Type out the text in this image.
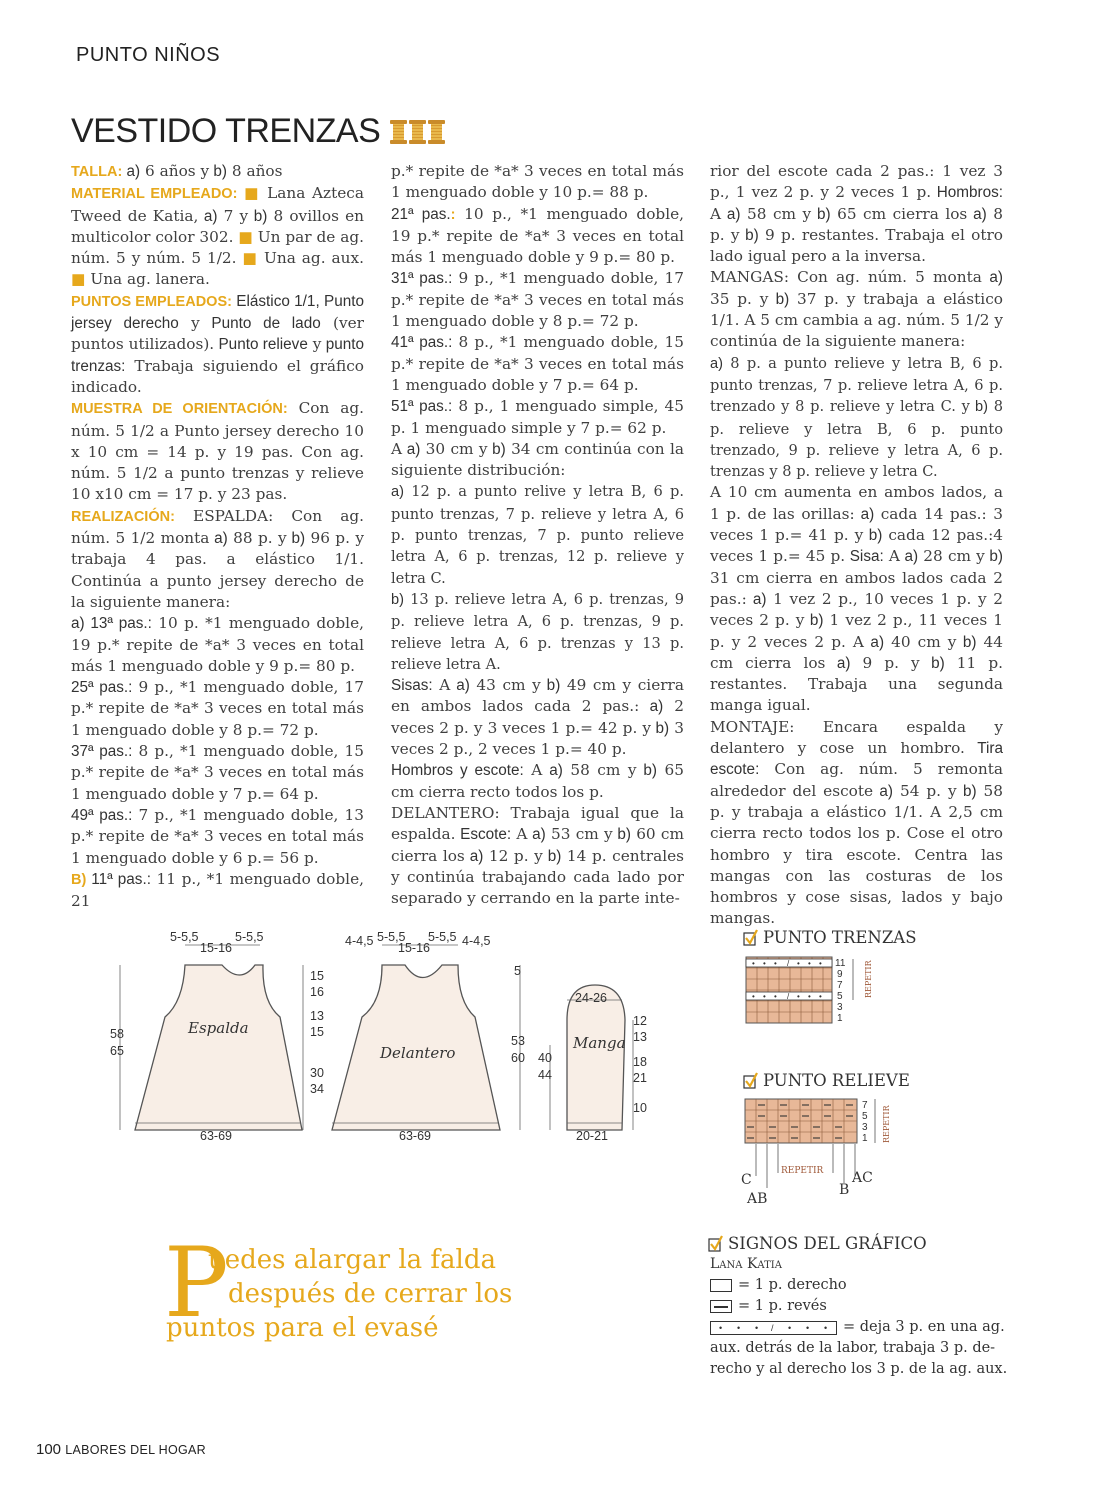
PUNTO NIÑOS
VESTIDO TRENZAS

TALLA: a) 6 años y b) 8 años

MATERIAL EMPLEADO: ■ Lana Azteca Tweed de Katia, a) 7 y b) 8 ovillos en multicolor color 302. ■ Un par de ag. núm. 5 y núm. 5 1/2. ■ Una ag. aux. ■ Una ag. lanera.

PUNTOS EMPLEADOS: Elástico 1/1, Punto jersey derecho y Punto de lado (ver puntos utilizados). Punto relieve y punto trenzas: Trabaja siguiendo el gráfico indicado.

MUESTRA DE ORIENTACIÓN: Con ag. núm. 5 1/2 a Punto jersey derecho 10 x 10 cm = 14 p. y 19 pas. Con ag. núm. 5 1/2 a punto trenzas y relieve 10 x10 cm = 17 p. y 23 pas.

REALIZACIÓN: ESPALDA: Con ag. núm. 5 1/2 monta a) 88 p. y b) 96 p. y trabaja 4 pas. a elástico 1/1. Continúa a punto jersey derecho de la siguiente manera:

a) 13ª pas.: 10 p. *1 menguado doble, 19 p.* repite de *a* 3 veces en total más 1 menguado doble y 9 p.= 80 p.

25ª pas.: 9 p., *1 menguado doble, 17 p.* repite de *a* 3 veces en total más 1 menguado doble y 8 p.= 72 p.

37ª pas.: 8 p., *1 menguado doble, 15 p.* repite de *a* 3 veces en total más 1 menguado doble y 7 p.= 64 p.

49ª pas.: 7 p., *1 menguado doble, 13 p.* repite de *a* 3 veces en total más 1 menguado doble y 6 p.= 56 p.

B) 11ª pas.: 11 p., *1 menguado doble, 21

p.* repite de *a* 3 veces en total más 1 menguado doble y 10 p.= 88 p.

21ª pas.: 10 p., *1 menguado doble, 19 p.* repite de *a* 3 veces en total más 1 menguado doble y 9 p.= 80 p.

31ª pas.: 9 p., *1 menguado doble, 17 p.* repite de *a* 3 veces en total más 1 menguado doble y 8 p.= 72 p.

41ª pas.: 8 p., *1 menguado doble, 15 p.* repite de *a* 3 veces en total más 1 menguado doble y 7 p.= 64 p.

51ª pas.: 8 p., 1 menguado simple, 45 p. 1 menguado simple y 7 p.= 62 p.

A a) 30 cm y b) 34 cm continúa con la siguiente distribución:

a) 12 p. a punto relive y letra B, 6 p. punto trenzas, 7 p. relieve y letra A, 6 p. punto trenzas, 7 p. punto relieve letra A, 6 p. trenzas, 12 p. relieve y letra C.

b) 13 p. relieve letra A, 6 p. trenzas, 9 p. relieve letra A, 6 p. trenzas, 9 p. relieve letra A, 6 p. trenzas y 13 p. relieve letra A.

Sisas: A a) 43 cm y b) 49 cm y cierra en ambos lados cada 2 pas.: a) 2 veces 2 p. y 3 veces 1 p.= 42 p. y b) 3 veces 2 p., 2 veces 1 p.= 40 p.

Hombros y escote: A a) 58 cm y b) 65 cm cierra recto todos los p.

DELANTERO: Trabaja igual que la espalda. Escote: A a) 53 cm y b) 60 cm cierra los a) 12 p. y b) 14 p. centrales y continúa trabajando cada lado por separado y cerrando en la parte inte-

rior del escote cada 2 pas.: 1 vez 3 p., 1 vez 2 p. y 2 veces 1 p. Hombros: A a) 58 cm y b) 65 cm cierra los a) 8 p. y b) 9 p. restantes. Trabaja el otro lado igual pero a la inversa.

MANGAS: Con ag. núm. 5 monta a) 35 p. y b) 37 p. y trabaja a elástico 1/1. A 5 cm cambia a ag. núm. 5 1/2 y continúa de la siguiente manera:

a) 8 p. a punto relieve y letra B, 6 p. punto trenzas, 7 p. relieve letra A, 6 p. trenzado y 8 p. relieve y letra C. y b) 8 p. relieve y letra B, 6 p. punto trenzado, 9 p. relieve y letra A, 6 p. trenzas y 8 p. relieve y letra C.

A 10 cm aumenta en ambos lados, a 1 p. de las orillas: a) cada 14 pas.: 3 veces 1 p.= 41 p. y b) cada 12 pas.:4 veces 1 p.= 45 p. Sisa: A a) 28 cm y b) 31 cm cierra en ambos lados cada 2 pas.: a) 1 vez 2 p., 10 veces 1 p. y 2 veces 2 p. y b) 1 vez 2 p., 11 veces 1 p. y 2 veces 2 p. A a) 40 cm y b) 44 cm cierra los a) 9 p. y b) 11 p. restantes. Trabaja una segunda manga igual.

MONTAJE: Encara espalda y delantero y cose un hombro. Tira escote: Con ag. núm. 5 remonta alrededor del escote a) 54 p. y b) 58 p. y trabaja a elástico 1/1. A 2,5 cm cierra recto todos los p. Cose el otro hombro y tira escote. Centra las mangas con las costuras de los hombros y cose sisas, lados y bajo mangas.

5-5,5	5-5,5
15-16
63-69
58
65
15
16
13
15
30
34
4-4,5 5-5,5 5-5,5 4-4,5
15-16
5
63-69
53
60
24-26
20-21
40
44
12
13
18
21
10
Espalda
Delantero
Manga
PUNTO TRENZAS
• • • / • • •
• • • / • • •
11
9
7
5
3
1
REPETIR
PUNTO RELIEVE
7
5
3
1 REPETIR
REPETIR
C
AB
B
AC
SIGNOS DEL GRÁFICO
Lana Katia
= 1 p. derecho
= 1 p. revés
• • • / • • • = deja 3 p. en una ag.
aux. detrás de la labor, trabaja 3 p. de-
recho y al derecho los 3 p. de la ag. aux.
P
uedes alargar la falda
después de cerrar los
puntos para el evasé
100 LABORES DEL HOGAR
